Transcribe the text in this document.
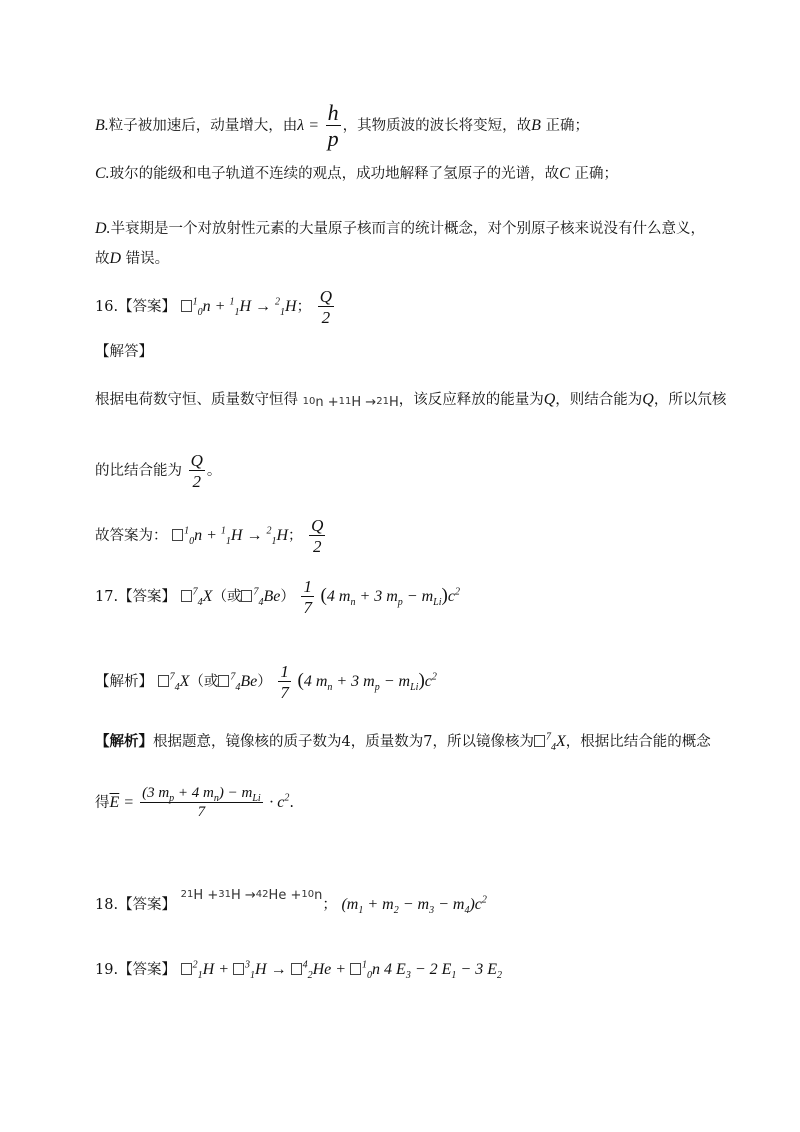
B.粒子被加速后，动量增大，由$\lambda = \frac{h}{p}$ ，其物质波的波长将变短，故B 正确；
C.玻尔的能级和电子轨道不连续的观点，成功地解释了氢原子的光谱，故C 正确；
D.半衰期是一个对放射性元素的大量原子核而言的统计概念，对个别原子核来说没有什么意义，故D 错误。
16.【答案】 $^1_0$n + $^1_1$H → $^2_1$H； $\frac{Q}{2}$
【解答】
根据电荷数守恒、质量数守恒得 1 0 n + 1 1 H → 2 1 H，该反应释放的能量为Q，则结合能为Q，所以氘核
的比结合能为 $\frac{Q}{2}$ 。
故答案为： $^1_0$n + $^1_1$H → $^2_1$H； $\frac{Q}{2}$
17.【答案】 $^7_4$X（或 $^7_4Be) \frac{1}{7} (4$ $m_n + 3$ $m_p - m_{Li})c^2$
【解析】 $^7_4$X（或 $^7_4Be) \frac{1}{7} (4$ $m_n + 3$ $m_p - m_{Li})c^2$
【解析】根据题意，镜像核的质子数为4，质量数为7，所以镜像核为 $^7_4$X，根据比结合能的概念
得$\overline{E} = \frac{(3 m_p + 4 m_n) - m_{Li}}{7} \cdot c^2$.
18.【答案】
2 1 H + 3 1 H → 4 2 He + 1 0 n； $(m_1 + m_2 - m_3 - m_4)c^2$
19.【答案】 $^2_1$H + $^3_1$H → $^4_2$He + $^1_0$n 4 $E_3 - 2$ $E_1 - 3$ $E_2$
